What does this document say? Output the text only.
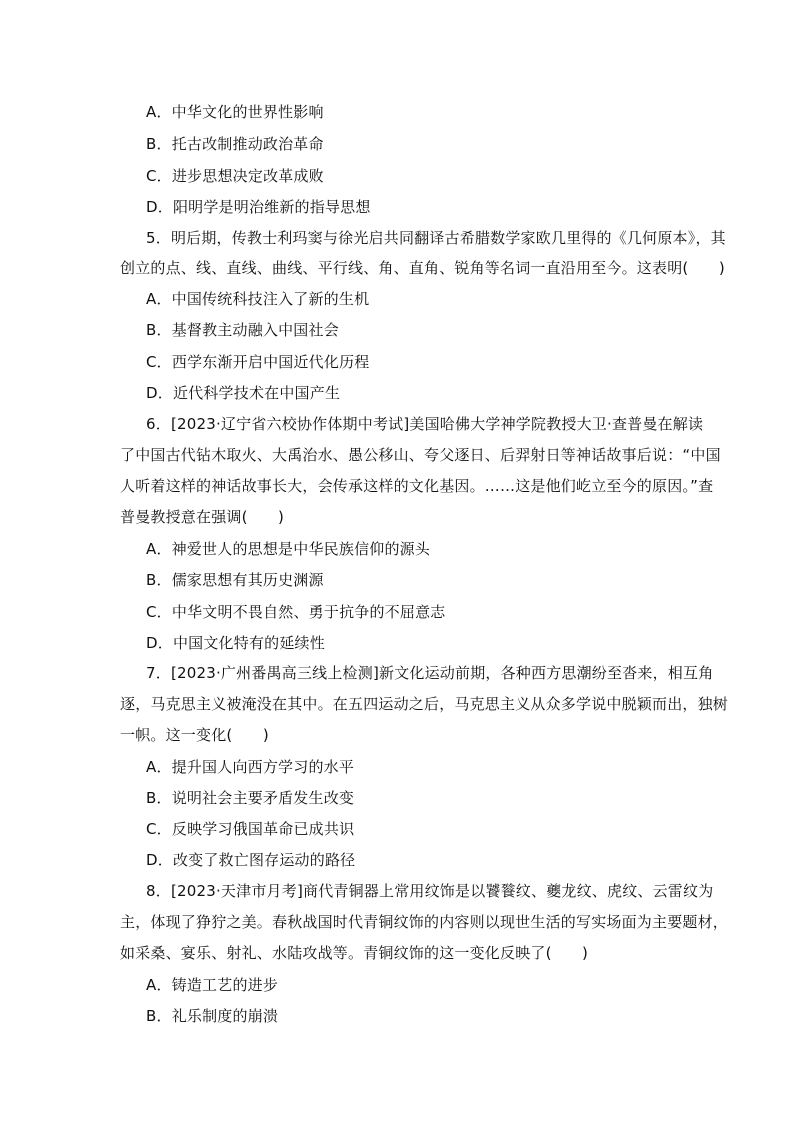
A．中华文化的世界性影响
B．托古改制推动政治革命
C．进步思想决定改革成败
D．阳明学是明治维新的指导思想
5．明后期，传教士利玛窦与徐光启共同翻译古希腊数学家欧几里得的《几何原本》，其
创立的点、线、直线、曲线、平行线、角、直角、锐角等名词一直沿用至今。这表明(　　)
A．中国传统科技注入了新的生机
B．基督教主动融入中国社会
C．西学东渐开启中国近代化历程
D．近代科学技术在中国产生
6．[2023·辽宁省六校协作体期中考试]美国哈佛大学神学院教授大卫·查普曼在解读
了中国古代钻木取火、大禹治水、愚公移山、夸父逐日、后羿射日等神话故事后说：“中国
人听着这样的神话故事长大，会传承这样的文化基因。……这是他们屹立至今的原因。”查
普曼教授意在强调(　　)
A．神爱世人的思想是中华民族信仰的源头
B．儒家思想有其历史渊源
C．中华文明不畏自然、勇于抗争的不屈意志
D．中国文化特有的延续性
7．[2023·广州番禺高三线上检测]新文化运动前期，各种西方思潮纷至沓来，相互角
逐，马克思主义被淹没在其中。在五四运动之后，马克思主义从众多学说中脱颖而出，独树
一帜。这一变化(　　)
A．提升国人向西方学习的水平
B．说明社会主要矛盾发生改变
C．反映学习俄国革命已成共识
D．改变了救亡图存运动的路径
8．[2023·天津市月考]商代青铜器上常用纹饰是以饕餮纹、夔龙纹、虎纹、云雷纹为
主，体现了狰狞之美。春秋战国时代青铜纹饰的内容则以现世生活的写实场面为主要题材，
如采桑、宴乐、射礼、水陆攻战等。青铜纹饰的这一变化反映了(　　)
A．铸造工艺的进步
B．礼乐制度的崩溃
